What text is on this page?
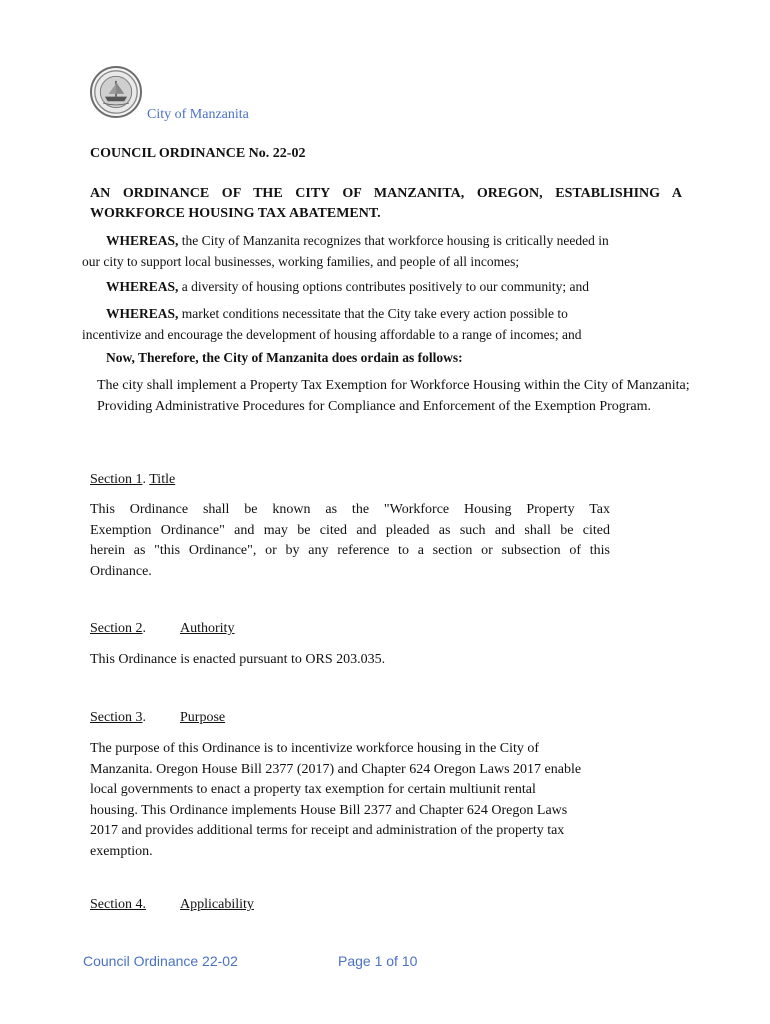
City of Manzanita
COUNCIL ORDINANCE No. 22-02
AN ORDINANCE OF THE CITY OF MANZANITA, OREGON, ESTABLISHING A WORKFORCE HOUSING TAX ABATEMENT.
WHEREAS, the City of Manzanita recognizes that workforce housing is critically needed in
our city to support local businesses, working families, and people of all incomes;
WHEREAS, a diversity of housing options contributes positively to our community; and
WHEREAS, market conditions necessitate that the City take every action possible to
incentivize and encourage the development of housing affordable to a range of incomes; and
Now, Therefore, the City of Manzanita does ordain as follows:
The city shall implement a Property Tax Exemption for Workforce Housing within the City of Manzanita; Providing Administrative Procedures for Compliance and Enforcement of the Exemption Program.
Section 1. Title
This Ordinance shall be known as the "Workforce Housing Property Tax
Exemption Ordinance" and may be cited and pleaded as such and shall be cited
herein as "this Ordinance", or by any reference to a section or subsection of this
Ordinance.
Section 2. Authority
This Ordinance is enacted pursuant to ORS 203.035.
Section 3. Purpose
The purpose of this Ordinance is to incentivize workforce housing in the City of
Manzanita. Oregon House Bill 2377 (2017) and Chapter 624 Oregon Laws 2017 enable
local governments to enact a property tax exemption for certain multiunit rental
housing. This Ordinance implements House Bill 2377 and Chapter 624 Oregon Laws
2017 and provides additional terms for receipt and administration of the property tax
exemption.
Section 4. Applicability
Council Ordinance 22-02	Page 1 of 10
